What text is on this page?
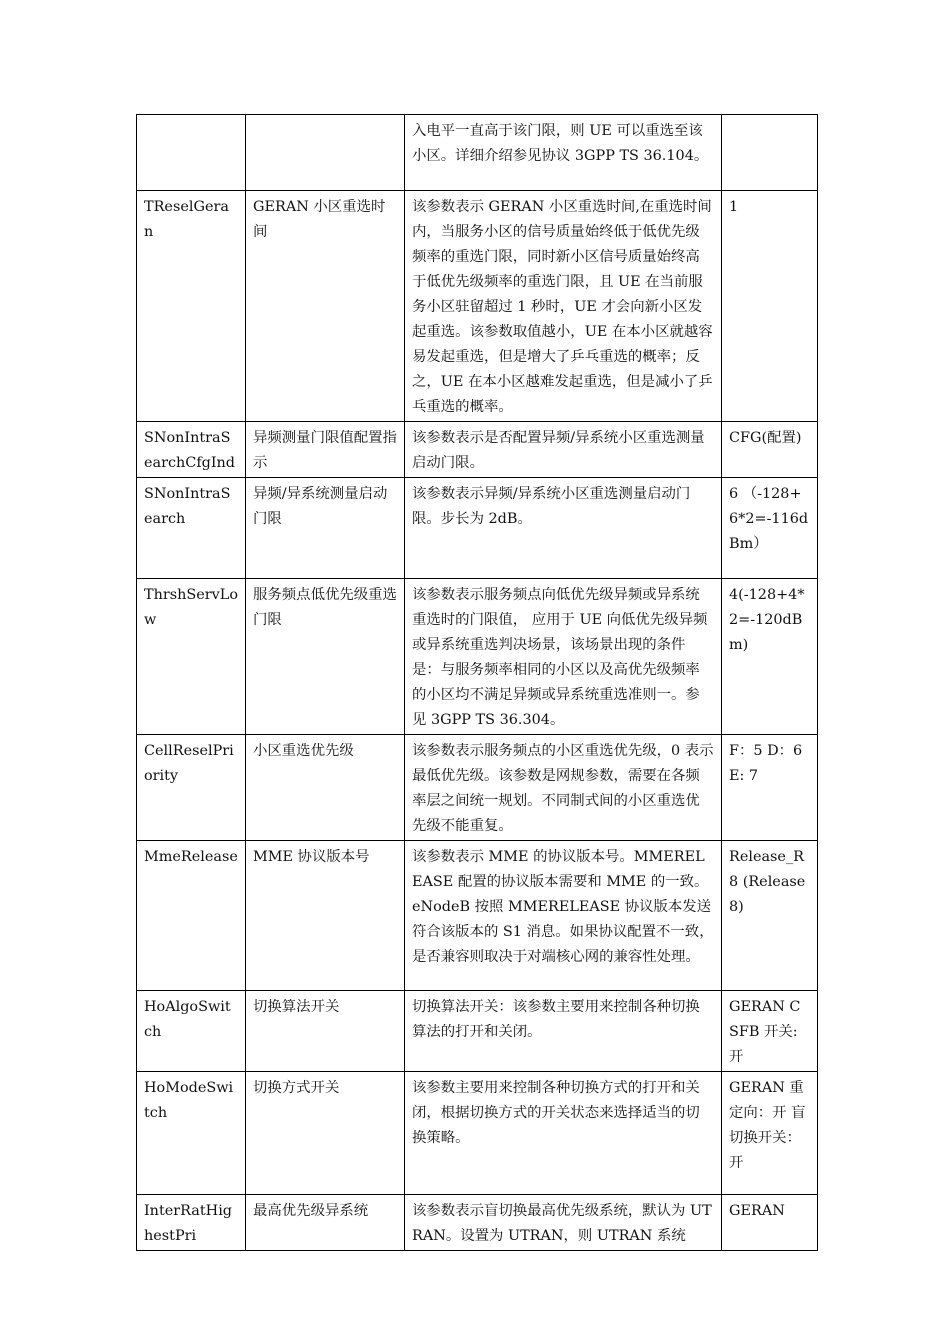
		入电平一直高于该门限，则 UE 可以重选至该小区。详细介绍参见协议 3GPP TS 36.104。	
TReselGeran	GERAN 小区重选时间	该参数表示 GERAN 小区重选时间,在重选时间内，当服务小区的信号质量始终低于低优先级频率的重选门限，同时新小区信号质量始终高于低优先级频率的重选门限，且 UE 在当前服务小区驻留超过 1 秒时，UE 才会向新小区发起重选。该参数取值越小，UE 在本小区就越容易发起重选，但是增大了乒乓重选的概率；反之，UE 在本小区越难发起重选，但是减小了乒乓重选的概率。	1
SNonIntraSearchCfgInd	异频测量门限值配置指示	该参数表示是否配置异频/异系统小区重选测量启动门限。	CFG(配置)
SNonIntraSearch	异频/异系统测量启动门限	该参数表示异频/异系统小区重选测量启动门限。步长为 2dB。	6 （-128+6*2=-116dBm）
ThrshServLow	服务频点低优先级重选门限	该参数表示服务频点向低优先级异频或异系统重选时的门限值， 应用于 UE 向低优先级异频或异系统重选判决场景，该场景出现的条件是：与服务频率相同的小区以及高优先级频率的小区均不满足异频或异系统重选准则一。参见 3GPP TS 36.304。	4(-128+4*2=-120dBm)
CellReselPriority	小区重选优先级	该参数表示服务频点的小区重选优先级，0 表示最低优先级。该参数是网规参数，需要在各频率层之间统一规划。不同制式间的小区重选优先级不能重复。	F：5 D：6 E: 7
MmeRelease	MME 协议版本号	该参数表示 MME 的协议版本号。MMERELEASE 配置的协议版本需要和 MME 的一致。eNodeB 按照 MMERELEASE 协议版本发送符合该版本的 S1 消息。如果协议配置不一致，是否兼容则取决于对端核心网的兼容性处理。	Release_R8 (Release 8)
HoAlgoSwitch	切换算法开关	切换算法开关：该参数主要用来控制各种切换算法的打开和关闭。	GERAN CSFB 开关:开
HoModeSwitch	切换方式开关	该参数主要用来控制各种切换方式的打开和关闭，根据切换方式的开关状态来选择适当的切换策略。	GERAN 重定向：开 盲切换开关：开
InterRatHighestPri	最高优先级异系统	该参数表示盲切换最高优先级系统，默认为 UTRAN。设置为 UTRAN，则 UTRAN 系统	GERAN
